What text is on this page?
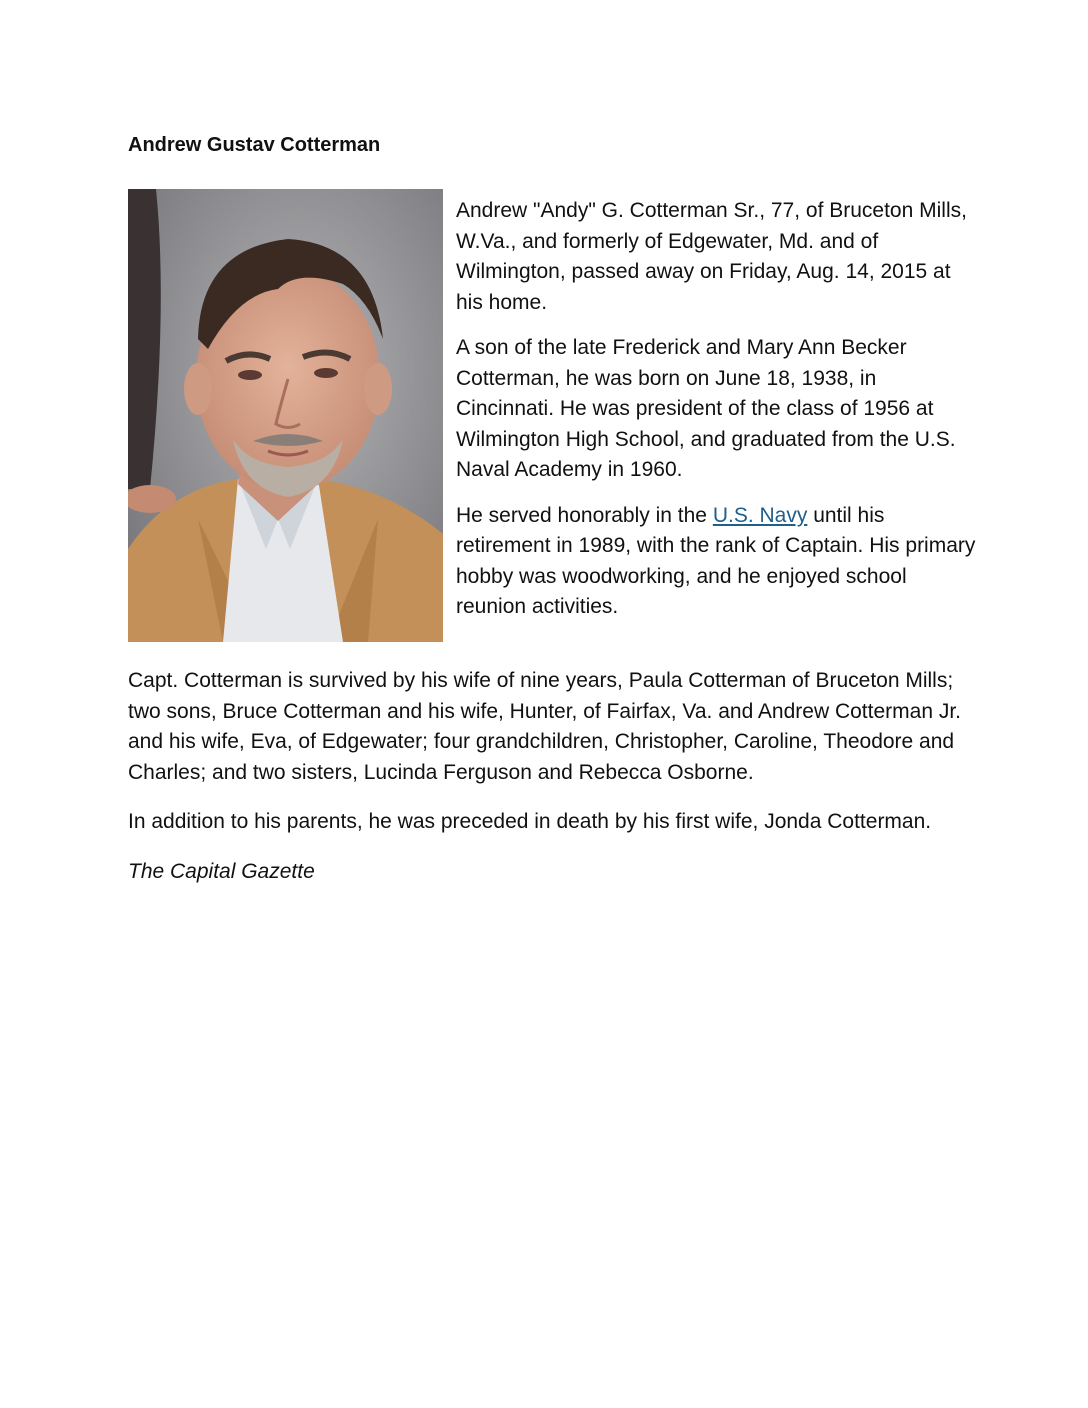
Andrew Gustav Cotterman

Andrew "Andy" G. Cotterman Sr., 77, of Bruceton Mills, W.Va., and formerly of Edgewater, Md. and of Wilmington, passed away on Friday, Aug. 14, 2015 at his home.

A son of the late Frederick and Mary Ann Becker Cotterman, he was born on June 18, 1938, in Cincinnati. He was president of the class of 1956 at Wilmington High School, and graduated from the U.S. Naval Academy in 1960.

He served honorably in the U.S. Navy until his retirement in 1989, with the rank of Captain. His primary hobby was woodworking, and he enjoyed school reunion activities.

Capt. Cotterman is survived by his wife of nine years, Paula Cotterman of Bruceton Mills; two sons, Bruce Cotterman and his wife, Hunter, of Fairfax, Va. and Andrew Cotterman Jr. and his wife, Eva, of Edgewater; four grandchildren, Christopher, Caroline, Theodore and Charles; and two sisters, Lucinda Ferguson and Rebecca Osborne.

In addition to his parents, he was preceded in death by his first wife, Jonda Cotterman.

The Capital Gazette
